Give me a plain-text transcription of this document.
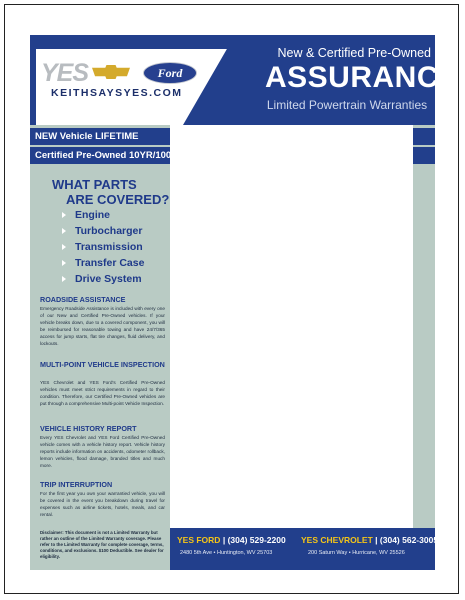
YES	Ford
KEITHSAYSYES.COM
New & Certified Pre-Owned
ASSURANCE
Limited Powertrain Warranties
NEW Vehicle LIFETIME
Certified Pre-Owned 10YR/100K
WHAT PARTS
ARE COVERED?
Engine
Turbocharger
Transmission
Transfer Case
Drive System
ROADSIDE ASSISTANCE
Emergency Roadside Assistance is included with every one of our New and Certified Pre-Owned vehicles. If your vehicle breaks down, due to a covered component, you will be reimbursed for reasonable towing and have 24/7/365 access for jump starts, flat tire changes, fluid delivery, and lockouts.
MULTI-POINT VEHICLE INSPECTION
YES Chevrolet and YES Ford's Certified Pre-Owned vehicles must meet strict requirements in regard to their condition. Therefore, our Certified Pre-Owned vehicles are put through a comprehensive Multi-point Vehicle Inspection.
VEHICLE HISTORY REPORT
Every YES Chevrolet and YES Ford Certified Pre-Owned vehicle comes with a vehicle history report. Vehicle history reports include information on accidents, odometer rollback, lemon vehicles, flood damage, branded titles and much more.
TRIP INTERRUPTION
For the first year you own your warrantied vehicle, you will be covered in the event you breakdown during travel for expenses such as airline tickets, hotels, meals, and car rental.
Disclaimer: This document is not a Limited Warranty but rather an outline of the Limited Warranty coverage. Please refer to the Limited Warranty for complete coverage, terms, conditions, and exclusions. $100 Deductible. See dealer for eligibility.
YES FORD | (304) 529-2200 YES CHEVROLET | (304) 562-3005
2480 5th Ave • Huntington, WV 25703	200 Saturn Way • Hurricane, WV 25526
